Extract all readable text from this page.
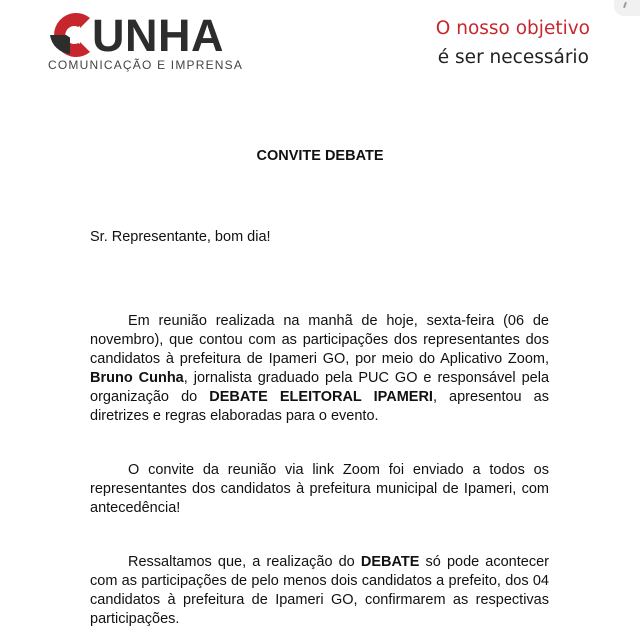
UNHA
COMUNICAÇÃO E IMPRENSA
O nosso objetivo
é ser necessário
CONVITE DEBATE
Sr. Representante, bom dia!
Em reunião realizada na manhã de hoje, sexta-feira (06 de novembro), que contou com as participações dos representantes dos candidatos à prefeitura de Ipameri GO, por meio do Aplicativo Zoom, Bruno Cunha, jornalista graduado pela PUC GO e responsável pela organização do DEBATE ELEITORAL IPAMERI, apresentou as diretrizes e regras elaboradas para o evento.
O convite da reunião via link Zoom foi enviado a todos os representantes dos candidatos à prefeitura municipal de Ipameri, com antecedência!
Ressaltamos que, a realização do DEBATE só pode acontecer com as participações de pelo menos dois candidatos a prefeito, dos 04 candidatos à prefeitura de Ipameri GO, confirmarem as respectivas participações.
